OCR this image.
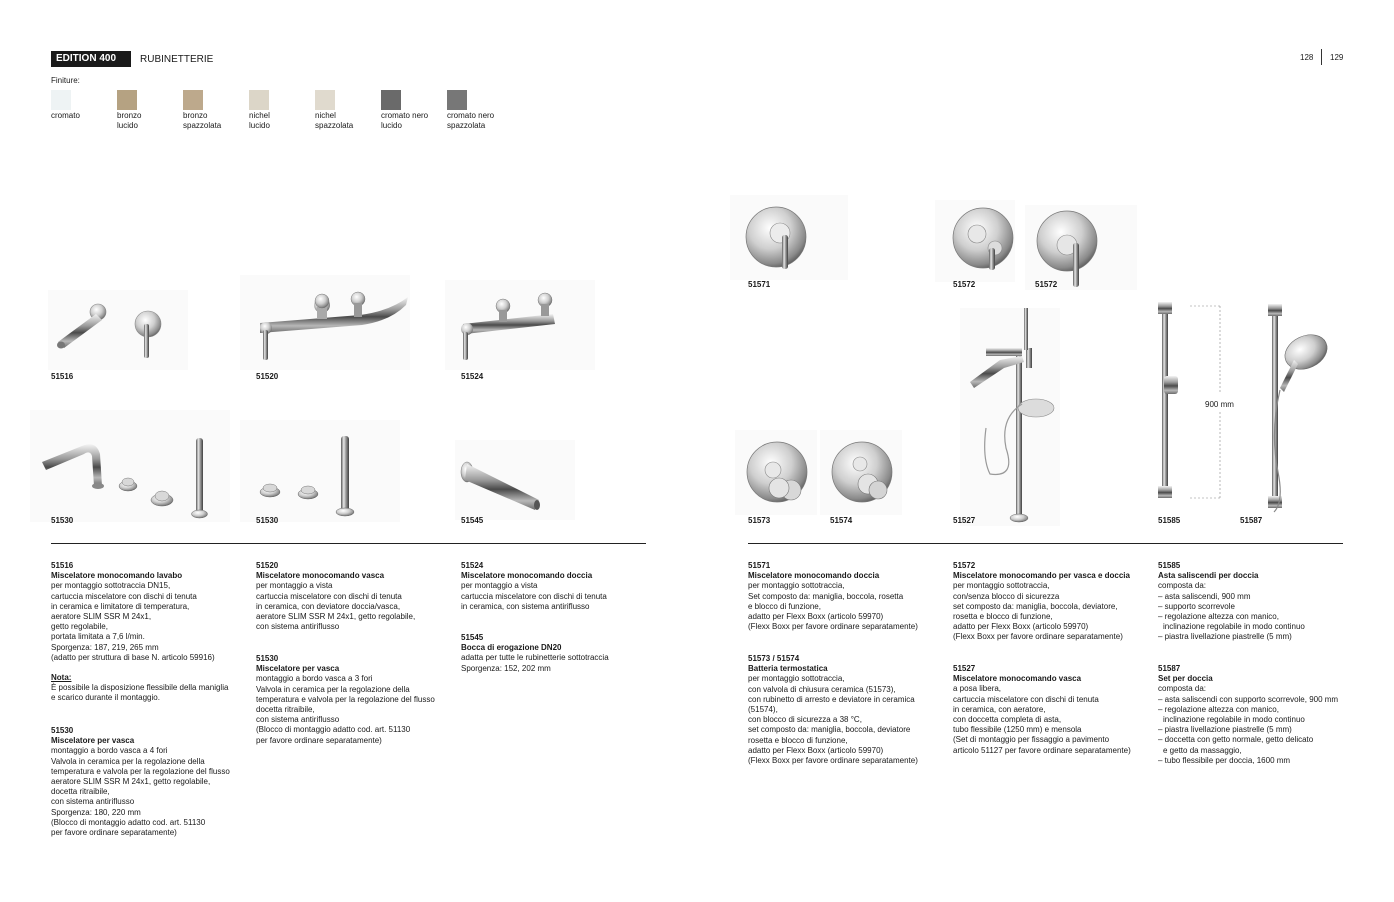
EDITION 400	RUBINETTERIE	128 129
Finiture:
cromato	bronzo
lucido
bronzo
spazzolata
nichel
lucido
nichel
spazzolata
cromato nero
lucido
cromato nero
spazzolata
51516	51520	51524
51530	51530	51545
900 mm
51571	51572	51572
51573	51574	51527	51585	51587
51516
Miscelatore monocomando lavabo
per montaggio sottotraccia DN15,
cartuccia miscelatore con dischi di tenuta
in ceramica e limitatore di temperatura,
aeratore SLIM SSR M 24x1,
getto regolabile,
portata limitata a 7,6 l/min.
Sporgenza: 187, 219, 265 mm
(adatto per struttura di base N. articolo 59916)
Nota:
È possibile la disposizione flessibile della maniglia
e scarico durante il montaggio.
51530
Miscelatore per vasca
montaggio a bordo vasca a 4 fori
Valvola in ceramica per la regolazione della
temperatura e valvola per la regolazione del flusso
aeratore SLIM SSR M 24x1, getto regolabile,
docetta ritraibile,
con sistema antiriflusso
Sporgenza: 180, 220 mm
(Blocco di montaggio adatto cod. art. 51130
per favore ordinare separatamente)
51520
Miscelatore monocomando vasca
per montaggio a vista
cartuccia miscelatore con dischi di tenuta
in ceramica, con deviatore doccia/vasca,
aeratore SLIM SSR M 24x1, getto regolabile,
con sistema antiriflusso
51530
Miscelatore per vasca
montaggio a bordo vasca a 3 fori
Valvola in ceramica per la regolazione della
temperatura e valvola per la regolazione del flusso
docetta ritraibile,
con sistema antiriflusso
(Blocco di montaggio adatto cod. art. 51130
per favore ordinare separatamente)
51524
Miscelatore monocomando doccia
per montaggio a vista
cartuccia miscelatore con dischi di tenuta
in ceramica, con sistema antiriflusso
51545
Bocca di erogazione DN20
adatta per tutte le rubinetterie sottotraccia
Sporgenza: 152, 202 mm
51571
Miscelatore monocomando doccia
per montaggio sottotraccia,
Set composto da: maniglia, boccola, rosetta
e blocco di funzione,
adatto per Flexx Boxx (articolo 59970)
(Flexx Boxx per favore ordinare separatamente)
51573 / 51574
Batteria termostatica
per montaggio sottotraccia,
con valvola di chiusura ceramica (51573),
con rubinetto di arresto e deviatore in ceramica
(51574),
con blocco di sicurezza a 38 °C,
set composto da: maniglia, boccola, deviatore
rosetta e blocco di funzione,
adatto per Flexx Boxx (articolo 59970)
(Flexx Boxx per favore ordinare separatamente)
51572
Miscelatore monocomando per vasca e doccia
per montaggio sottotraccia,
con/senza blocco di sicurezza
set composto da: maniglia, boccola, deviatore,
rosetta e blocco di funzione,
adatto per Flexx Boxx (articolo 59970)
(Flexx Boxx per favore ordinare separatamente)
51527
Miscelatore monocomando vasca
a posa libera,
cartuccia miscelatore con dischi di tenuta
in ceramica, con aeratore,
con doccetta completa di asta,
tubo flessibile (1250 mm) e mensola
(Set di montaggio per fissaggio a pavimento
articolo 51127 per favore ordinare separatamente)
51585
Asta saliscendi per doccia
composta da:
– asta saliscendi, 900 mm
– supporto scorrevole
– regolazione altezza con manico,
inclinazione regolabile in modo continuo
– piastra livellazione piastrelle (5 mm)
51587
Set per doccia
composta da:
– asta saliscendi con supporto scorrevole, 900 mm
– regolazione altezza con manico,
inclinazione regolabile in modo continuo
– piastra livellazione piastrelle (5 mm)
– doccetta con getto normale, getto delicato
e getto da massaggio,
– tubo flessibile per doccia, 1600 mm
